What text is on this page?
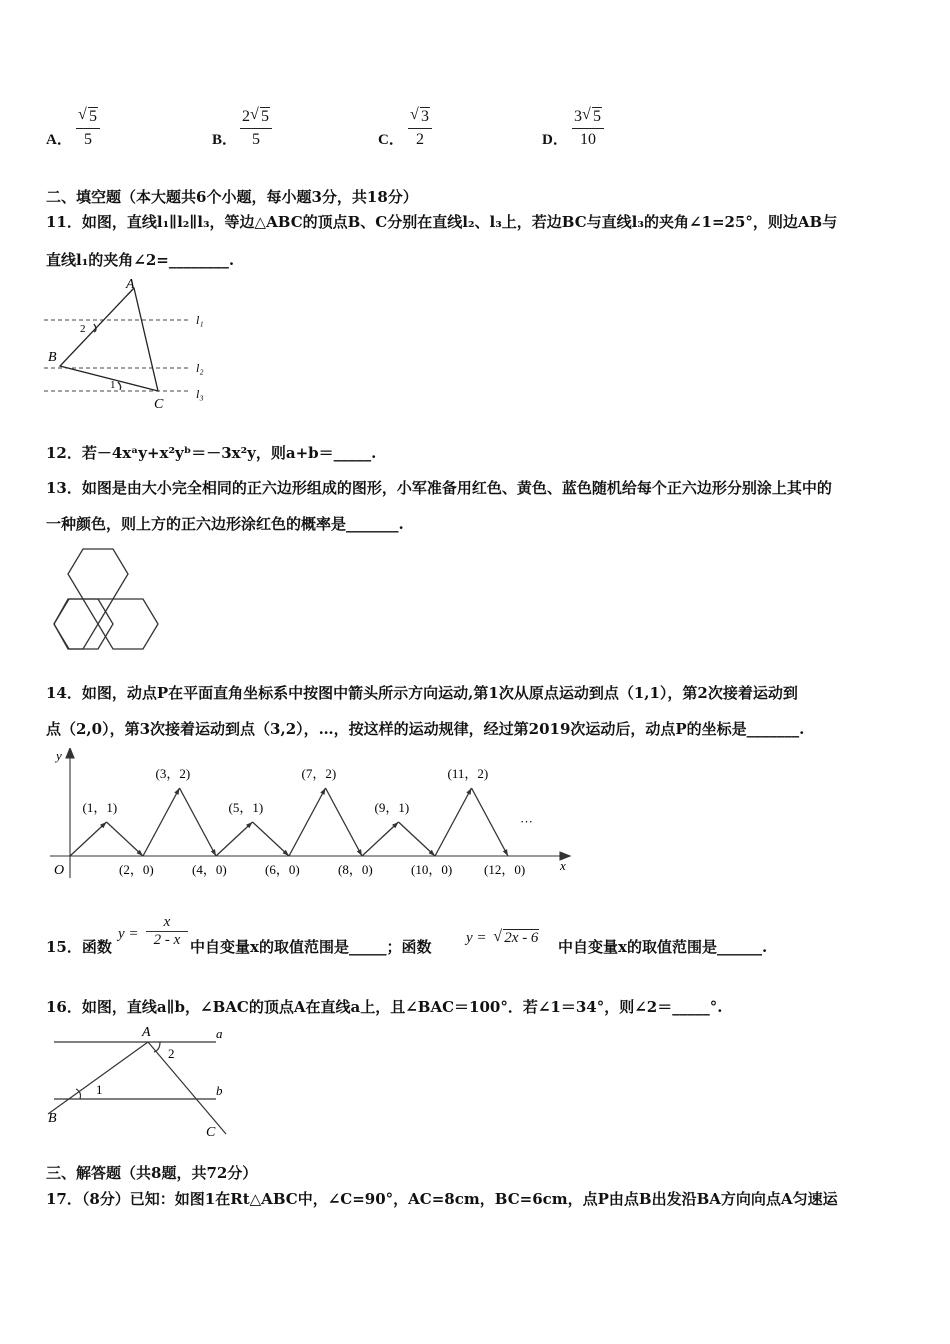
A．
√ 5
5	B．
2 √ 5
5	C．
√ 3
2	D．
3 √ 5
10
二、填空题（本大题共6个小题，每小题3分，共18分）
11．如图，直线l₁∥l₂∥l₃，等边△ABC的顶点B、C分别在直线l₂、l₃上，若边BC与直线l₃的夹角∠1=25°，则边AB与
直线l₁的夹角∠2=________.
A
B
C
l₁
l₂
l₃
2
1
12．若－4xᵃy+x²yᵇ＝－3x²y，则a+b＝_____.
13．如图是由大小完全相同的正六边形组成的图形，小军准备用红色、黄色、蓝色随机给每个正六边形分别涂上其中的
一种颜色，则上方的正六边形涂红色的概率是_______.
14．如图，动点P在平面直角坐标系中按图中箭头所示方向运动,第1次从原点运动到点（1,1），第2次接着运动到
点（2,0），第3次接着运动到点（3,2），…，按这样的运动规律，经过第2019次运动后，动点P的坐标是_______.
(1，1)
(3，2)
(5，1)
(7，2)
(9，1)
(11，2)
(2，0)	(4，0)	(6，0)	(8，0)	(10，0) (12，0)	x
y
O
···
15．函数
y =
x
2 - x 中自变量x的取值范围是_____；函数 y = √ 2x - 6 中自变量x的取值范围是______.
16．如图，直线a∥b，∠BAC的顶点A在直线a上，且∠BAC＝100°．若∠1＝34°，则∠2＝_____°.
A
B
C
a
b
1
2
三、解答题（共8题，共72分）
17．（8分）已知：如图1在Rt△ABC中，∠C=90°，AC=8cm，BC=6cm，点P由点B出发沿BA方向向点A匀速运
